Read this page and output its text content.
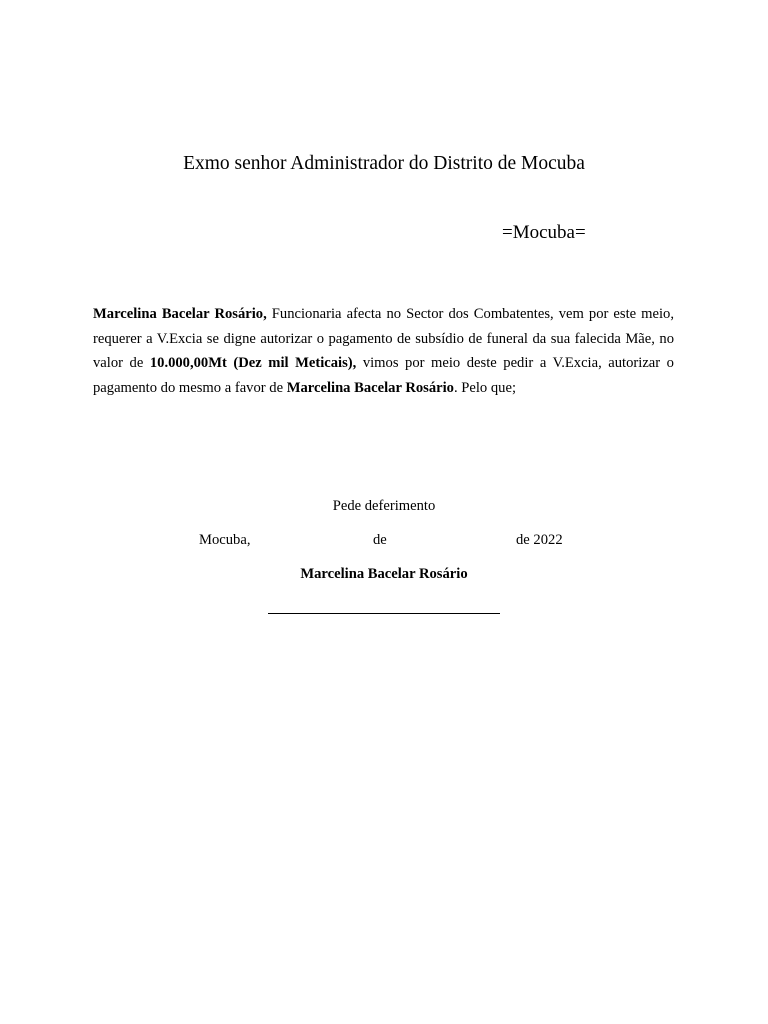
Exmo senhor Administrador do Distrito de Mocuba
=Mocuba=
Marcelina Bacelar Rosário, Funcionaria afecta no Sector dos Combatentes, vem por este meio, requerer a V.Excia se digne autorizar o pagamento de subsídio de funeral da sua falecida Mãe, no valor de 10.000,00Mt (Dez mil Meticais), vimos por meio deste pedir a V.Excia, autorizar o pagamento do mesmo a favor de Marcelina Bacelar Rosário. Pelo que;
Pede deferimento
Mocuba,	de	de 2022
Marcelina Bacelar Rosário
